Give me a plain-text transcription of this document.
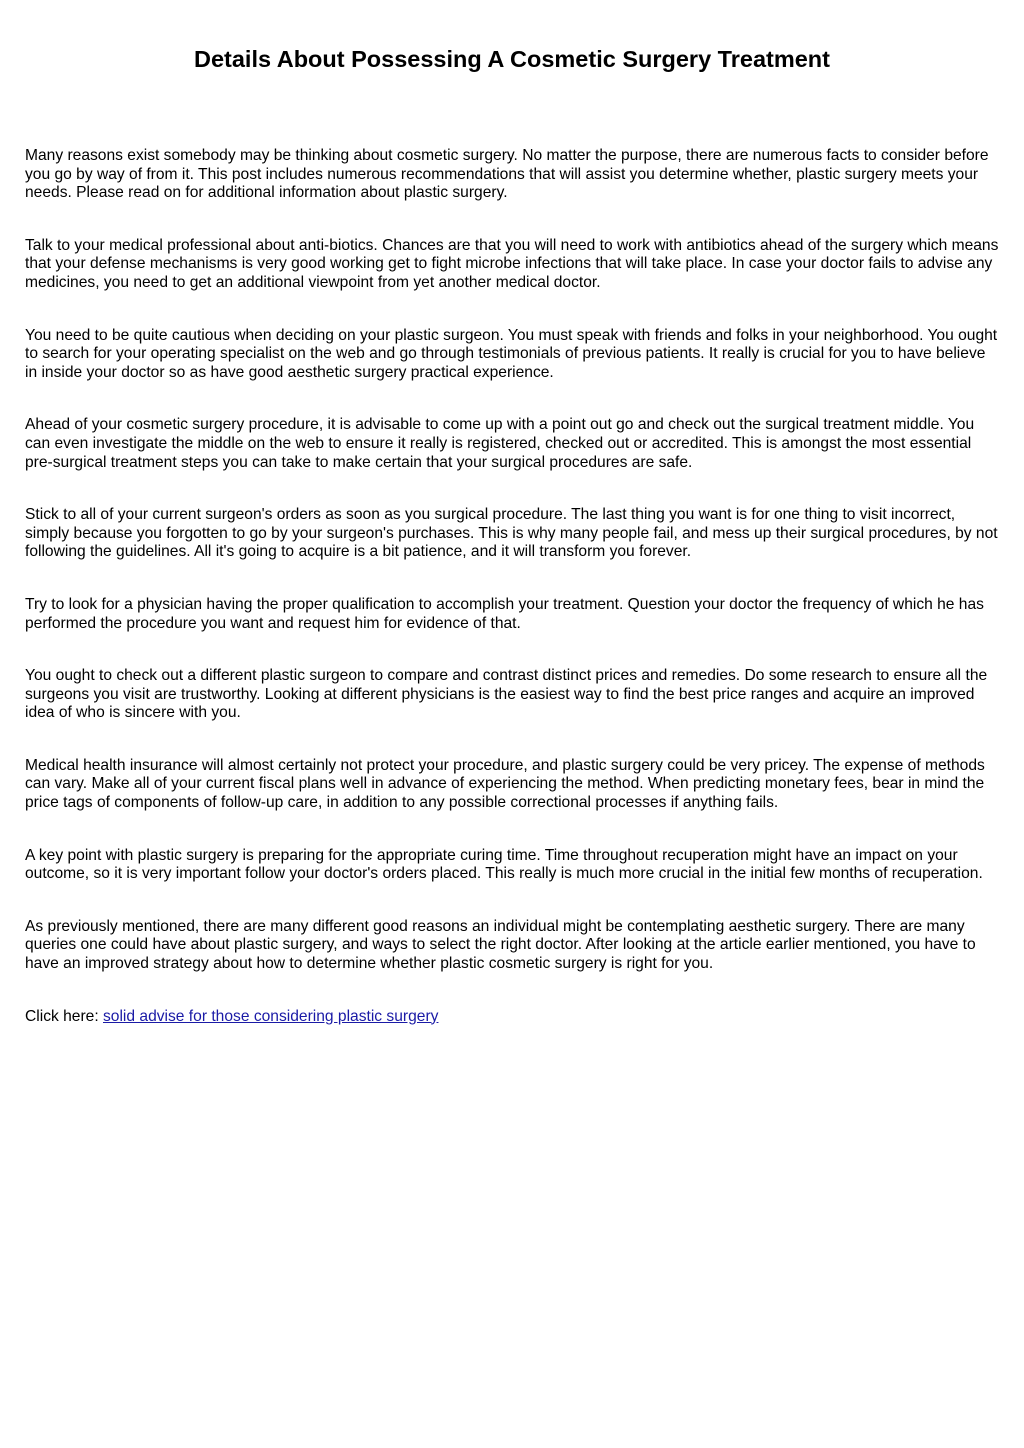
Details About Possessing A Cosmetic Surgery Treatment

Many reasons exist somebody may be thinking about cosmetic surgery. No matter the purpose, there are numerous facts to consider before you go by way of from it. This post includes numerous recommendations that will assist you determine whether, plastic surgery meets your needs. Please read on for additional information about plastic surgery.

Talk to your medical professional about anti-biotics. Chances are that you will need to work with antibiotics ahead of the surgery which means that your defense mechanisms is very good working get to fight microbe infections that will take place. In case your doctor fails to advise any medicines, you need to get an additional viewpoint from yet another medical doctor.

You need to be quite cautious when deciding on your plastic surgeon. You must speak with friends and folks in your neighborhood. You ought to search for your operating specialist on the web and go through testimonials of previous patients. It really is crucial for you to have believe in inside your doctor so as have good aesthetic surgery practical experience.

Ahead of your cosmetic surgery procedure, it is advisable to come up with a point out go and check out the surgical treatment middle. You can even investigate the middle on the web to ensure it really is registered, checked out or accredited. This is amongst the most essential pre-surgical treatment steps you can take to make certain that your surgical procedures are safe.

Stick to all of your current surgeon's orders as soon as you surgical procedure. The last thing you want is for one thing to visit incorrect, simply because you forgotten to go by your surgeon's purchases. This is why many people fail, and mess up their surgical procedures, by not following the guidelines. All it's going to acquire is a bit patience, and it will transform you forever.

Try to look for a physician having the proper qualification to accomplish your treatment. Question your doctor the frequency of which he has performed the procedure you want and request him for evidence of that.

You ought to check out a different plastic surgeon to compare and contrast distinct prices and remedies. Do some research to ensure all the surgeons you visit are trustworthy. Looking at different physicians is the easiest way to find the best price ranges and acquire an improved idea of who is sincere with you.

Medical health insurance will almost certainly not protect your procedure, and plastic surgery could be very pricey. The expense of methods can vary. Make all of your current fiscal plans well in advance of experiencing the method. When predicting monetary fees, bear in mind the price tags of components of follow-up care, in addition to any possible correctional processes if anything fails.

A key point with plastic surgery is preparing for the appropriate curing time. Time throughout recuperation might have an impact on your outcome, so it is very important follow your doctor's orders placed. This really is much more crucial in the initial few months of recuperation.

As previously mentioned, there are many different good reasons an individual might be contemplating aesthetic surgery. There are many queries one could have about plastic surgery, and ways to select the right doctor. After looking at the article earlier mentioned, you have to have an improved strategy about how to determine whether plastic cosmetic surgery is right for you.

Click here: solid advise for those considering plastic surgery
